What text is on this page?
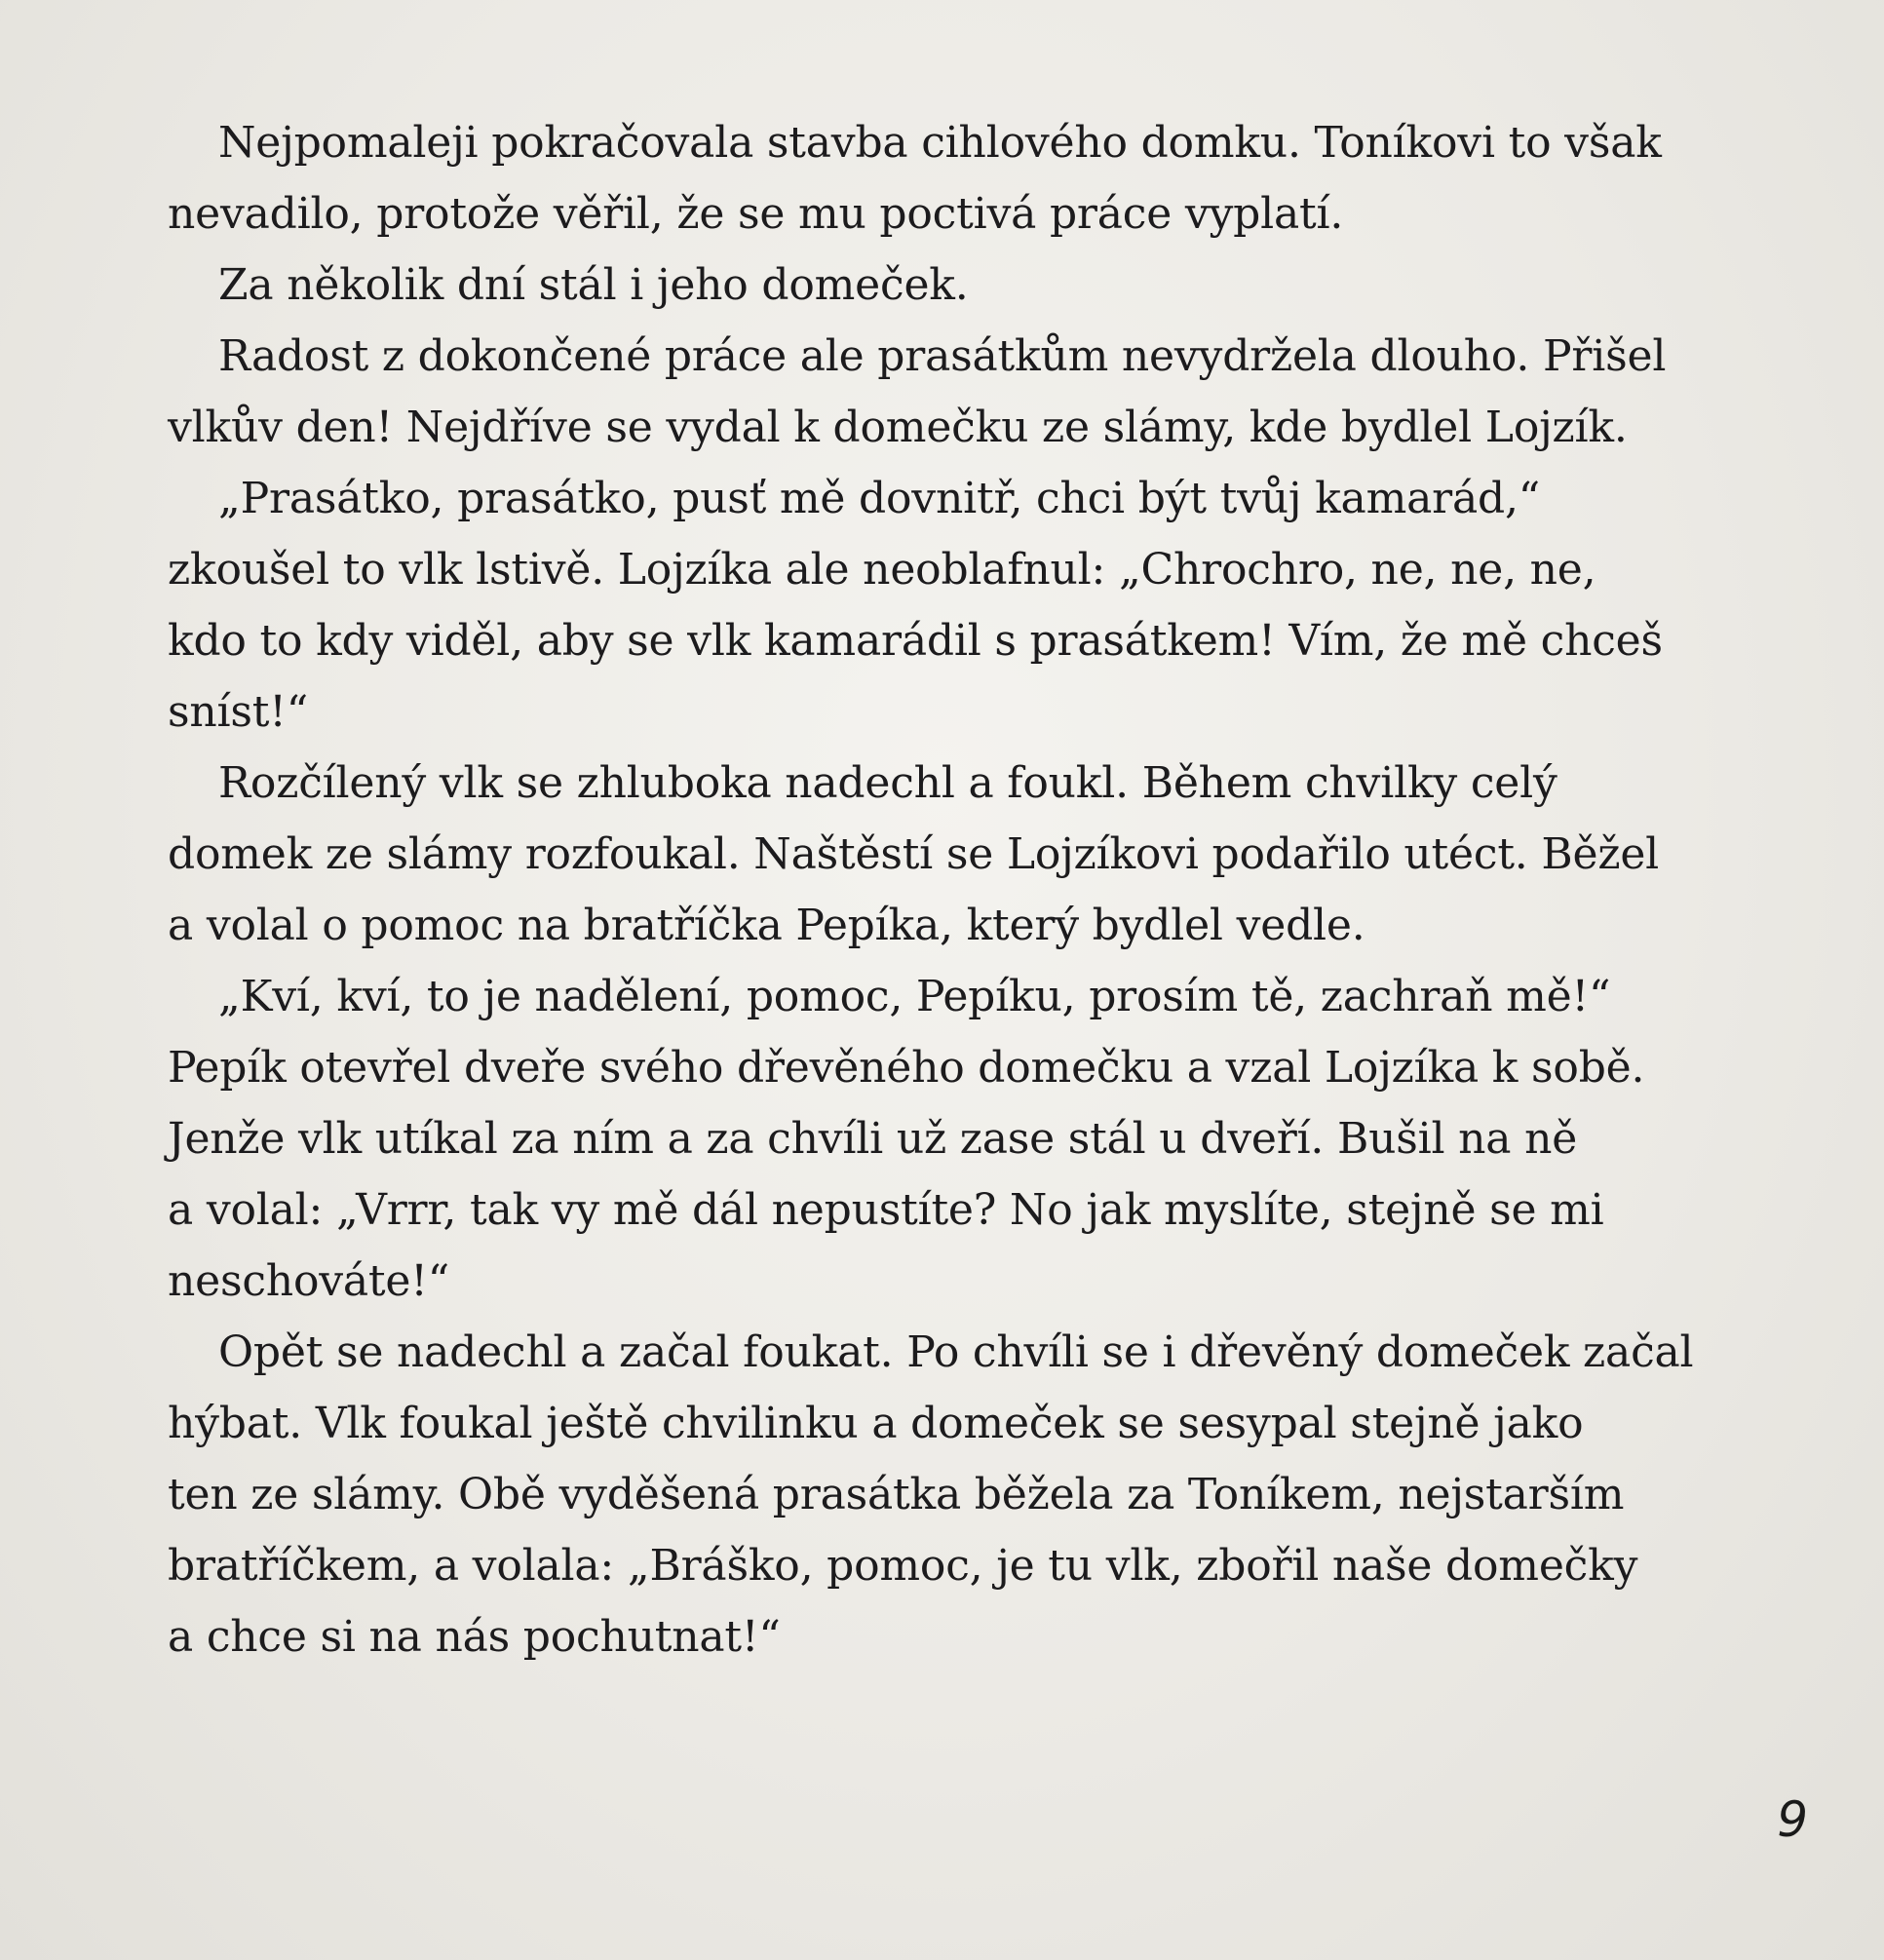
Nejpomaleji pokračovala stavba cihlového domku. Toníkovi to však
nevadilo, protože věřil, že se mu poctivá práce vyplatí.
Za několik dní stál i jeho domeček.
Radost z dokončené práce ale prasátkům nevydržela dlouho. Přišel
vlkův den! Nejdříve se vydal k domečku ze slámy, kde bydlel Lojzík.
„Prasátko, prasátko, pusť mě dovnitř, chci být tvůj kamarád,“
zkoušel to vlk lstivě. Lojzíka ale neoblafnul: „Chrochro, ne, ne, ne,
kdo to kdy viděl, aby se vlk kamarádil s prasátkem! Vím, že mě chceš
sníst!“
Rozčílený vlk se zhluboka nadechl a foukl. Během chvilky celý
domek ze slámy rozfoukal. Naštěstí se Lojzíkovi podařilo utéct. Běžel
a volal o pomoc na bratříčka Pepíka, který bydlel vedle.
„Kví, kví, to je nadělení, pomoc, Pepíku, prosím tě, zachraň mě!“
Pepík otevřel dveře svého dřevěného domečku a vzal Lojzíka k sobě.
Jenže vlk utíkal za ním a za chvíli už zase stál u dveří. Bušil na ně
a volal: „Vrrr, tak vy mě dál nepustíte? No jak myslíte, stejně se mi
neschováte!“
Opět se nadechl a začal foukat. Po chvíli se i dřevěný domeček začal
hýbat. Vlk foukal ještě chvilinku a domeček se sesypal stejně jako
ten ze slámy. Obě vyděšená prasátka běžela za Toníkem, nejstarším
bratříčkem, a volala: „Bráško, pomoc, je tu vlk, zbořil naše domečky
a chce si na nás pochutnat!“
9
